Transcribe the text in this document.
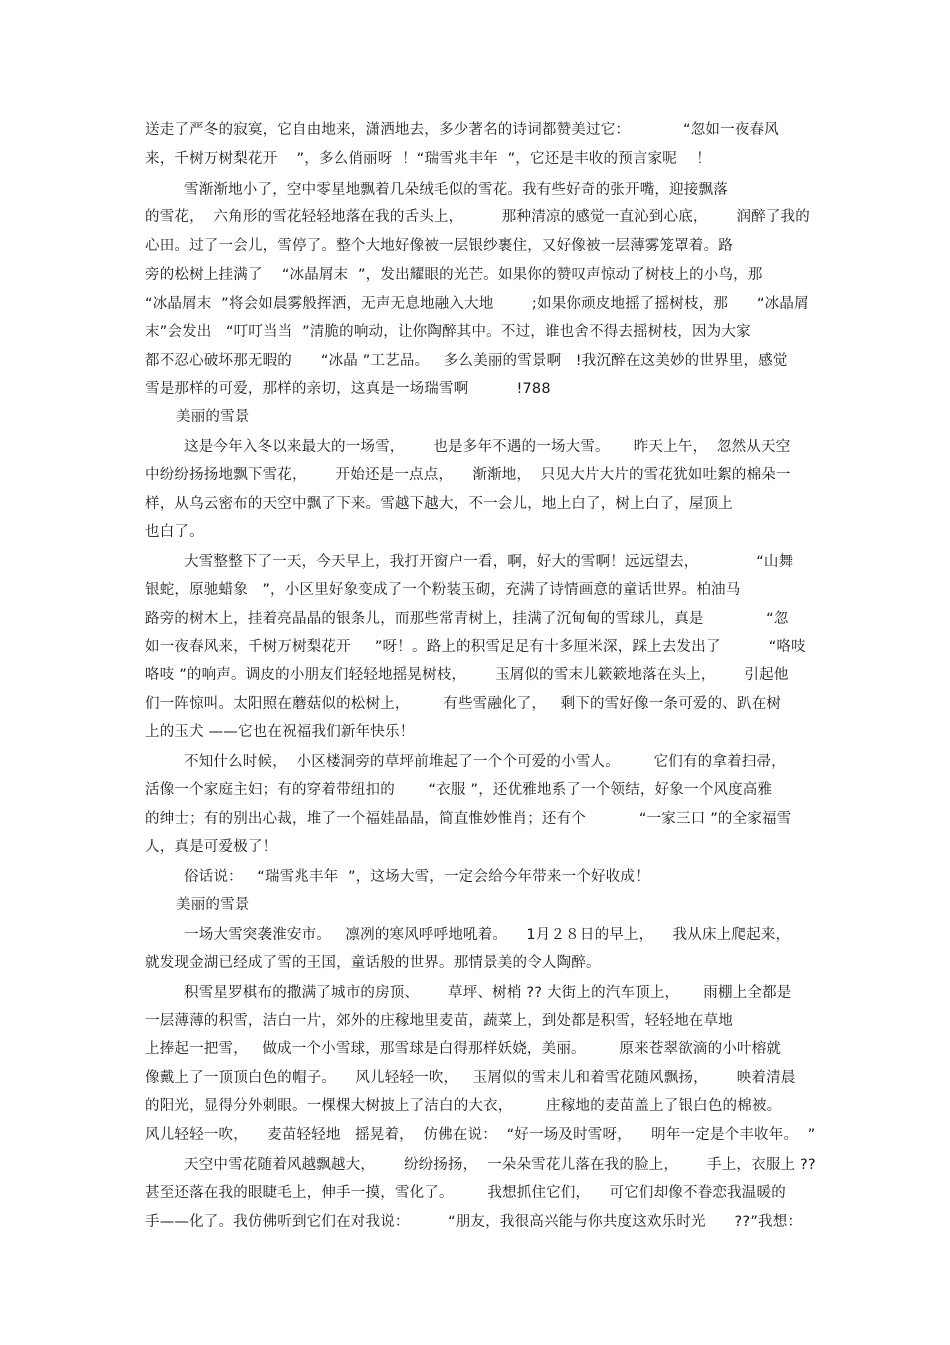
送走了严冬的寂寞，它自由地来，潇洒地去，多少著名的诗词都赞美过它：           “忽如一夜春风
来，千树万树梨花开    ”，多么俏丽呀  ！“瑞雪兆丰年  ”，它还是丰收的预言家呢    ！
雪渐渐地小了，空中零星地飘着几朵绒毛似的雪花。我有些好奇的张开嘴，迎接飘落
的雪花，  六角形的雪花轻轻地落在我的舌头上，        那种清凉的感觉一直沁到心底，      润醉了我的
心田。过了一会儿，雪停了。整个大地好像被一层银纱裹住，又好像被一层薄雾笼罩着。路
旁的松树上挂满了    “冰晶屑末  ”，发出耀眼的光芒。如果你的赞叹声惊动了树枝上的小鸟，那
“冰晶屑末  ”将会如晨雾般挥洒，无声无息地融入大地        ;如果你顽皮地摇了摇树枝，那      “冰晶屑
末”会发出   “叮叮当当  ”清脆的响动，让你陶醉其中。不过，谁也舍不得去摇树枝，因为大家
都不忍心破坏那无暇的      “冰晶 ”工艺品。   多么美丽的雪景啊   !我沉醉在这美妙的世界里，感觉
雪是那样的可爱，那样的亲切，这真是一场瑞雪啊          !788
美丽的雪景
这是今年入冬以来最大的一场雪，      也是多年不遇的一场大雪。     昨天上午，  忽然从天空
中纷纷扬扬地飘下雪花，      开始还是一点点，    渐渐地，  只见大片大片的雪花犹如吐絮的棉朵一
样，从乌云密布的天空中飘了下来。雪越下越大，不一会儿，地上白了，树上白了，屋顶上
也白了。
大雪整整下了一天，今天早上，我打开窗户一看，啊，好大的雪啊！远远望去，            “山舞
银蛇，原驰蜡象   ”，小区里好象变成了一个粉装玉砌，充满了诗情画意的童话世界。柏油马
路旁的树木上，挂着亮晶晶的银条儿，而那些常青树上，挂满了沉甸甸的雪球儿，真是             “忽
如一夜春风来，千树万树梨花开     ”呀！。路上的积雪足足有十多厘米深，踩上去发出了          “咯吱
咯吱 ”的响声。调皮的小朋友们轻轻地摇晃树枝，      玉屑似的雪末儿簌簌地落在头上，      引起他
们一阵惊叫。太阳照在蘑菇似的松树上，       有些雪融化了，   剩下的雪好像一条可爱的、趴在树
上的玉犬 ——它也在祝福我们新年快乐！
不知什么时候，  小区楼洞旁的草坪前堆起了一个个可爱的小雪人。       它们有的拿着扫帚，
活像一个家庭主妇；有的穿着带纽扣的       “衣服 ”，还优雅地系了一个领结，好象一个风度高雅
的绅士；有的别出心裁，堆了一个福娃晶晶，简直惟妙惟肖；还有个           “一家三口 ”的全家福雪
人，真是可爱极了！
俗话说：   “瑞雪兆丰年  ”，这场大雪，一定会给今年带来一个好收成！
美丽的雪景
一场大雪突袭淮安市。   凛冽的寒风呼呼地吼着。    1月２８日的早上，    我从床上爬起来，
就发现金湖已经成了雪的王国，童话般的世界。那情景美的令人陶醉。
积雪星罗棋布的撒满了城市的房顶、      草坪、树梢 ?? 大街上的汽车顶上，     雨棚上全都是
一层薄薄的积雪，洁白一片，郊外的庄稼地里麦苗，蔬菜上，到处都是积雪，轻轻地在草地
上捧起一把雪，   做成一个小雪球，那雪球是白得那样妖娆，美丽。       原来苍翠欲滴的小叶榕就
像戴上了一顶顶白色的帽子。    风儿轻轻一吹，   玉屑似的雪末儿和着雪花随风飘扬，      映着清晨
的阳光，显得分外刺眼。一棵棵大树披上了洁白的大衣，       庄稼地的麦苗盖上了银白色的棉被。
风儿轻轻一吹，    麦苗轻轻地   摇晃着，  仿佛在说：  “好一场及时雪呀，    明年一定是个丰收年。  ”
天空中雪花随着风越飘越大，      纷纷扬扬，  一朵朵雪花儿落在我的脸上，      手上，衣服上 ??
甚至还落在我的眼睫毛上，伸手一摸，雪化了。       我想抓住它们，    可它们却像不眷恋我温暖的
手——化了。我仿佛听到它们在对我说：        “朋友，我很高兴能与你共度这欢乐时光      ??”我想：
